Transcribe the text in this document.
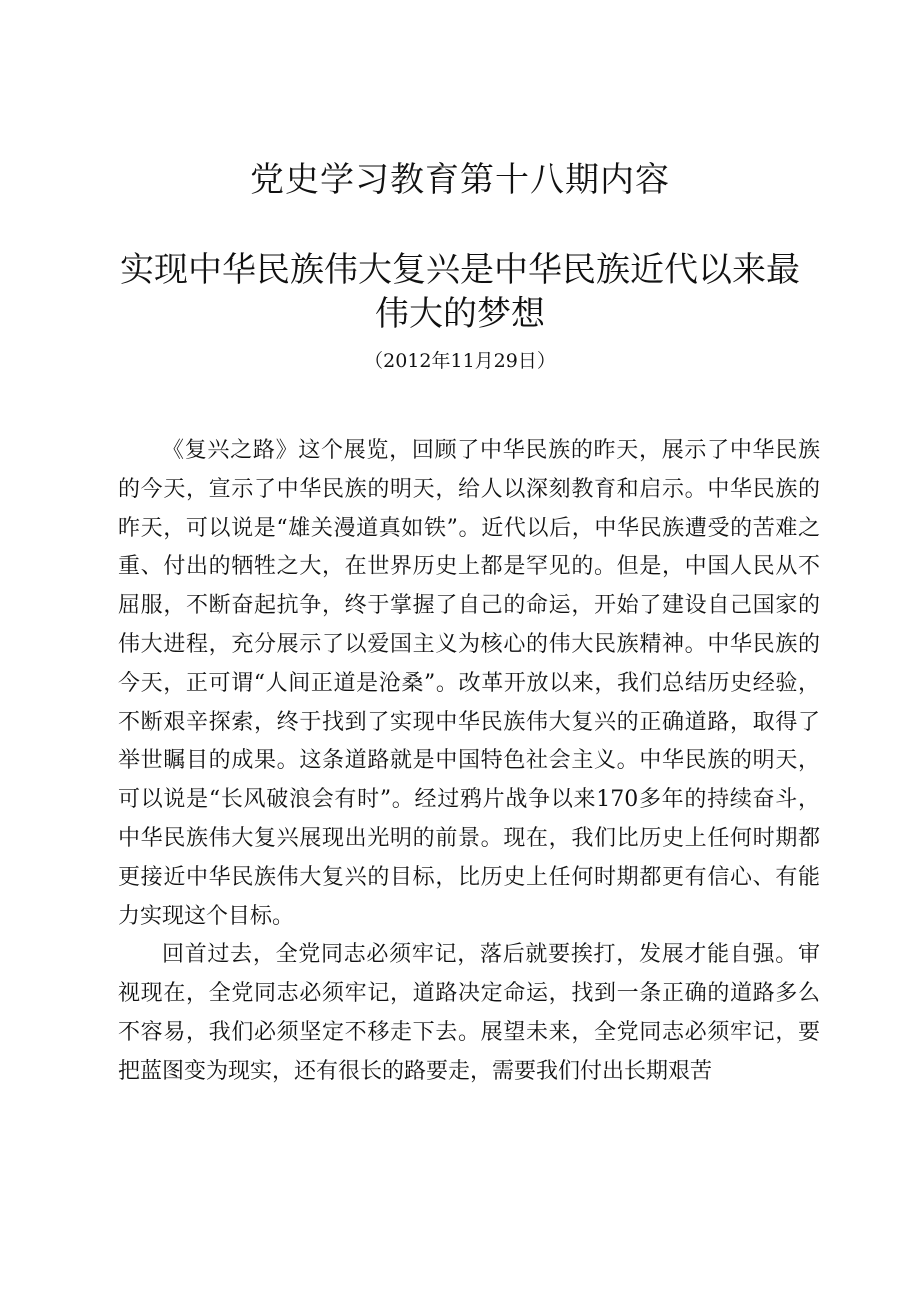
党史学习教育第十八期内容
实现中华民族伟大复兴是中华民族近代以来最伟大的梦想
（2012年11月29日）

《复兴之路》这个展览，回顾了中华民族的昨天，展示了中华民族的今天，宣示了中华民族的明天，给人以深刻教育和启示。中华民族的昨天，可以说是“雄关漫道真如铁”。近代以后，中华民族遭受的苦难之重、付出的牺牲之大，在世界历史上都是罕见的。但是，中国人民从不屈服，不断奋起抗争，终于掌握了自己的命运，开始了建设自己国家的伟大进程，充分展示了以爱国主义为核心的伟大民族精神。中华民族的今天，正可谓“人间正道是沧桑”。改革开放以来，我们总结历史经验，不断艰辛探索，终于找到了实现中华民族伟大复兴的正确道路，取得了举世瞩目的成果。这条道路就是中国特色社会主义。中华民族的明天，可以说是“长风破浪会有时”。经过鸦片战争以来170多年的持续奋斗，中华民族伟大复兴展现出光明的前景。现在，我们比历史上任何时期都更接近中华民族伟大复兴的目标，比历史上任何时期都更有信心、有能力实现这个目标。

回首过去，全党同志必须牢记，落后就要挨打，发展才能自强。审视现在，全党同志必须牢记，道路决定命运，找到一条正确的道路多么不容易，我们必须坚定不移走下去。展望未来，全党同志必须牢记，要把蓝图变为现实，还有很长的路要走，需要我们付出长期艰苦
